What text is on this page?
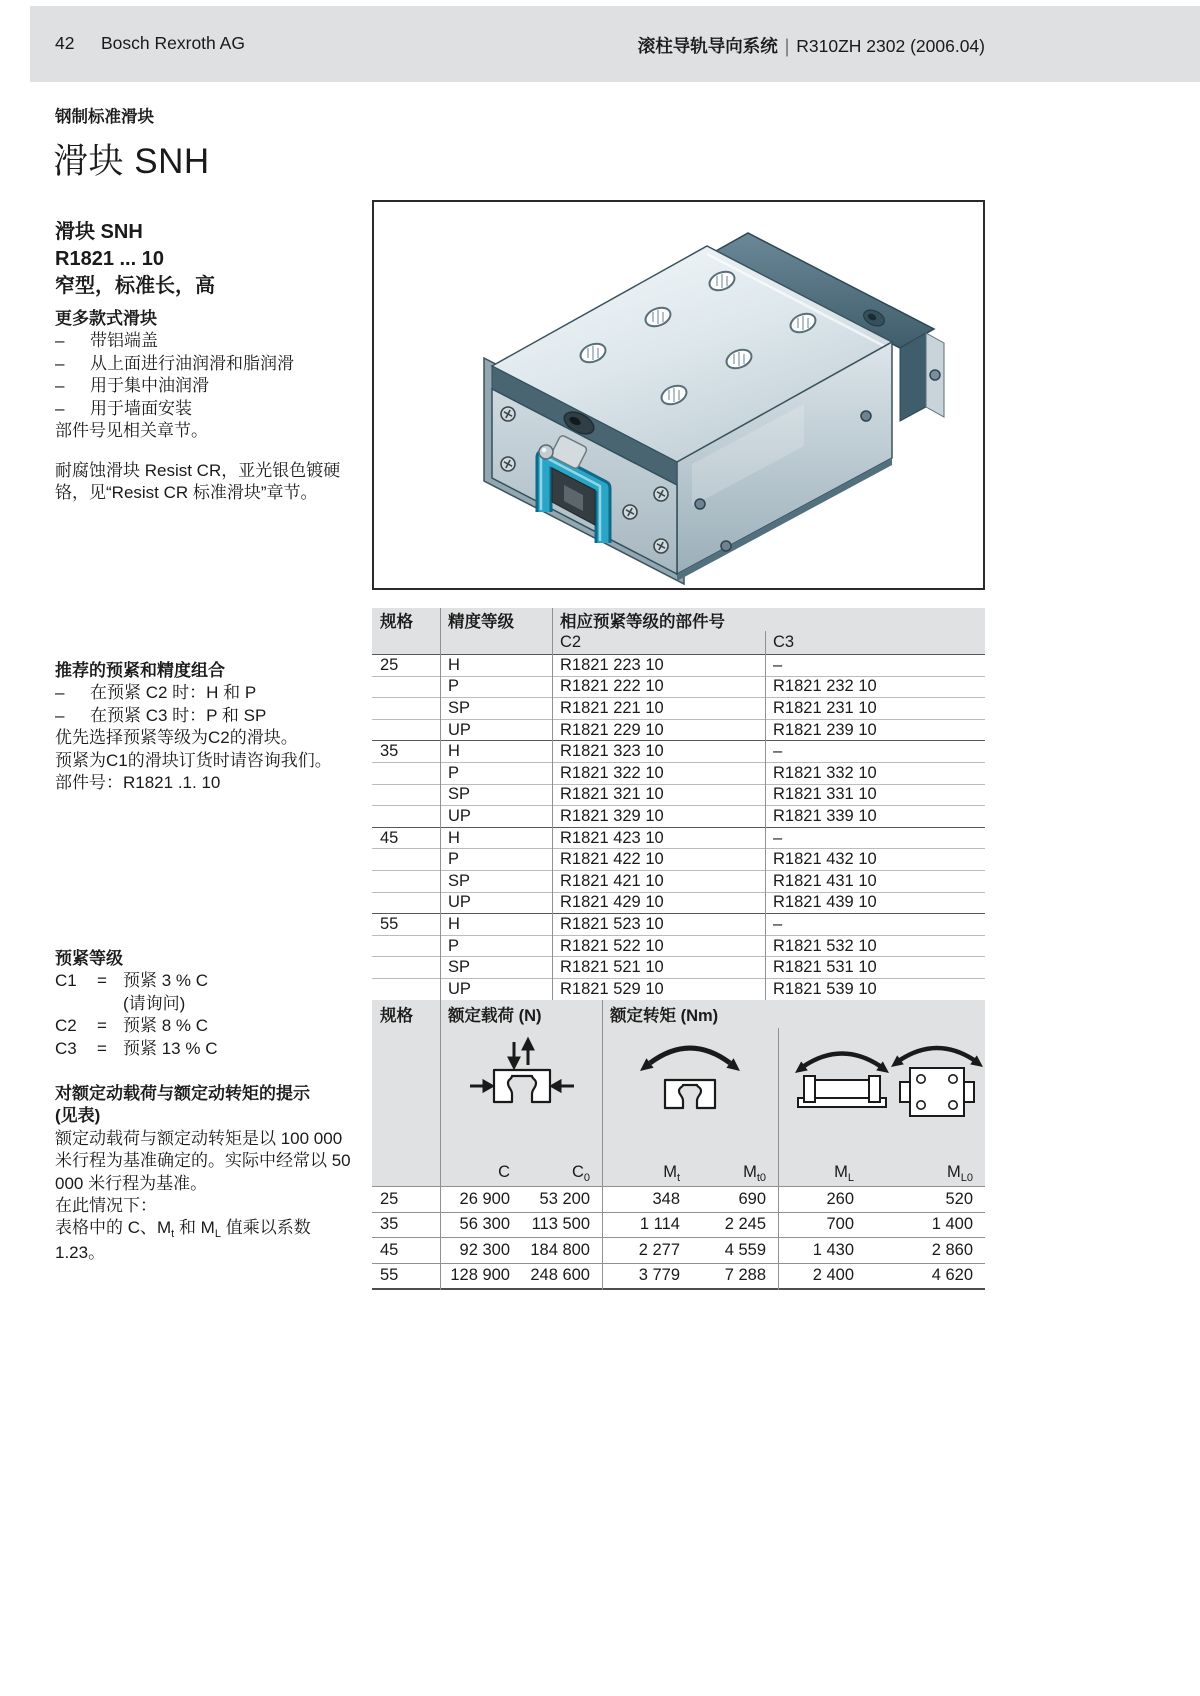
42 Bosch Rexroth AG	滚柱导轨导向系统 | R310ZH 2302 (2006.04)
钢制标准滑块
滑块 SNH
滑块 SNH
R1821 ... 10
窄型，标准长，高
更多款式滑块
–	带铝端盖
–	从上面进行油润滑和脂润滑
–	用于集中油润滑
–	用于墙面安装
部件号见相关章节。
耐腐蚀滑块 Resist CR，亚光银色镀硬
铬，见“Resist CR 标准滑块”章节。
推荐的预紧和精度组合
–	在预紧 C2 时：H 和 P
–	在预紧 C3 时：P 和 SP
优先选择预紧等级为C2的滑块。
预紧为C1的滑块订货时请咨询我们。
部件号：R1821 .1. 10
预紧等级
C1 = 预紧 3 % C
(请询问)
C2 = 预紧 8 % C
C3 = 预紧 13 % C
对额定动载荷与额定动转矩的提示
(见表)
额定动载荷与额定动转矩是以 100 000
米行程为基准确定的。实际中经常以 50
000 米行程为基准。
在此情况下：
表格中的 C、$M_t$ 和 $M_L$ 值乘以系数
1.23。
规格	精度等级	相应预紧等级的部件号
C2	C3
25	H	R1821 223 10	–
P	R1821 222 10	R1821 232 10
SP	R1821 221 10	R1821 231 10
UP	R1821 229 10	R1821 239 10
35	H	R1821 323 10	–
P	R1821 322 10	R1821 332 10
SP	R1821 321 10	R1821 331 10
UP	R1821 329 10	R1821 339 10
45	H	R1821 423 10	–
P	R1821 422 10	R1821 432 10
SP	R1821 421 10	R1821 431 10
UP	R1821 429 10	R1821 439 10
55	H	R1821 523 10	–
P	R1821 522 10	R1821 532 10
SP	R1821 521 10	R1821 531 10
UP	R1821 529 10	R1821 539 10
规格	额定载荷 (N)	额定转矩 (Nm)
C	$C_0$	$M_t$	$M_{t0}$	$M_L$	$M_{L0}$
25	26 900	53 200	348	690	260	520
35	56 300	113 500	1 114	2 245	700	1 400
45	92 300	184 800	2 277	4 559	1 430	2 860
55	128 900	248 600	3 779	7 288	2 400	4 620
